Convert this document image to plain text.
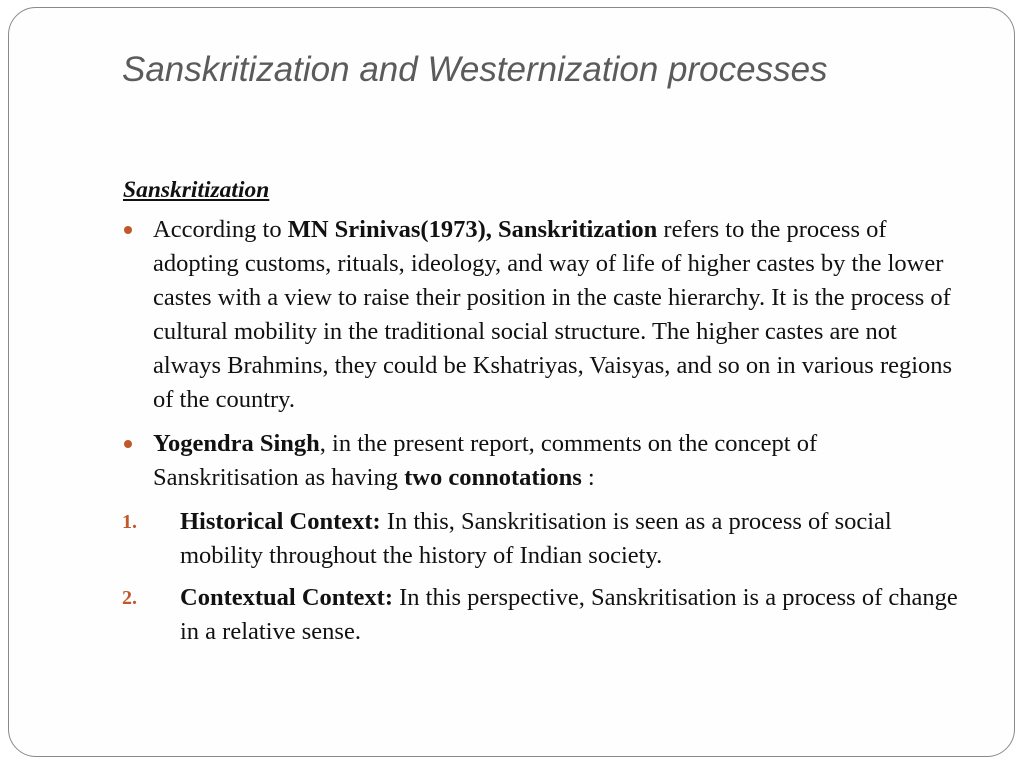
Sanskritization and Westernization processes
Sanskritization
According to MN Srinivas(1973), Sanskritization refers to the process of adopting customs, rituals, ideology, and way of life of higher castes by the lower castes with a view to raise their position in the caste hierarchy. It is the process of cultural mobility in the traditional social structure. The higher castes are not always Brahmins, they could be Kshatriyas, Vaisyas, and so on in various regions of the country.
Yogendra Singh, in the present report, comments on the concept of Sanskritisation as having two connotations :
1. Historical Context: In this, Sanskritisation is seen as a process of social mobility throughout the history of Indian society.
2. Contextual Context: In this perspective, Sanskritisation is a process of change in a relative sense.
